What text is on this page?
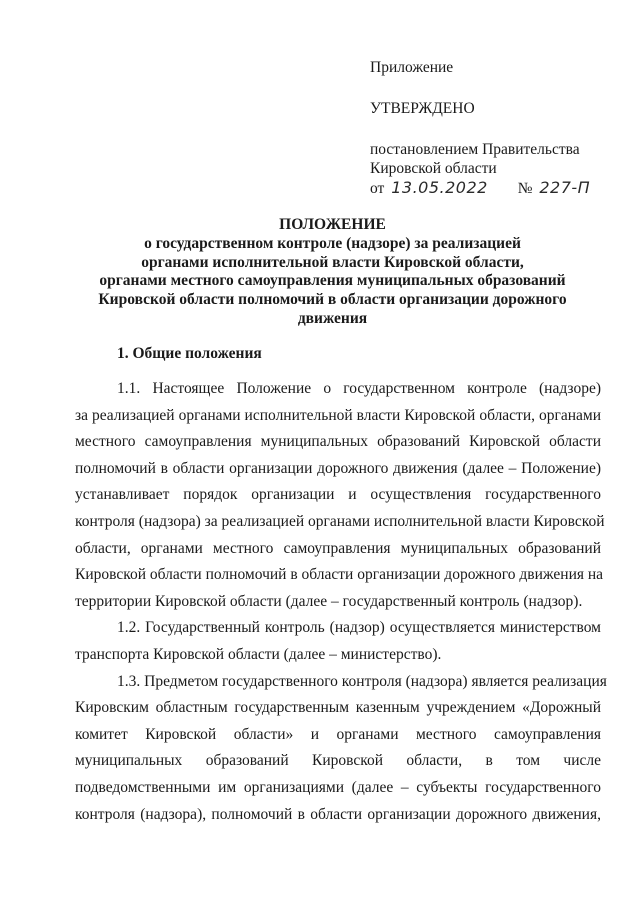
Приложение
УТВЕРЖДЕНО
постановлением Правительства
Кировской области
от 13.05.2022 № 227-П
ПОЛОЖЕНИЕ
о государственном контроле (надзоре) за реализацией
органами исполнительной власти Кировской области,
органами местного самоуправления муниципальных образований
Кировской области полномочий в области организации дорожного
движения
1. Общие положения
1.1. Настоящее Положение о государственном контроле (надзоре)
за реализацией органами исполнительной власти Кировской области, органами
местного самоуправления муниципальных образований Кировской области
полномочий в области организации дорожного движения (далее – Положение)
устанавливает порядок организации и осуществления государственного
контроля (надзора) за реализацией органами исполнительной власти Кировской
области, органами местного самоуправления муниципальных образований
Кировской области полномочий в области организации дорожного движения на
территории Кировской области (далее – государственный контроль (надзор).
1.2. Государственный контроль (надзор) осуществляется министерством
транспорта Кировской области (далее – министерство).
1.3. Предметом государственного контроля (надзора) является реализация
Кировским областным государственным казенным учреждением «Дорожный
комитет Кировской области» и органами местного самоуправления
муниципальных образований Кировской области, в том числе
подведомственными им организациями (далее – субъекты государственного
контроля (надзора), полномочий в области организации дорожного движения,
